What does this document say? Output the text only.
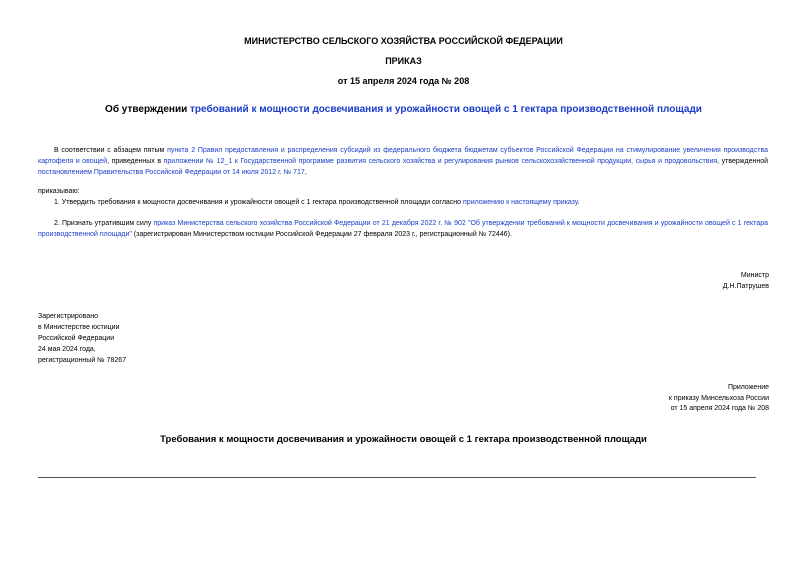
МИНИСТЕРСТВО СЕЛЬСКОГО ХОЗЯЙСТВА РОССИЙСКОЙ ФЕДЕРАЦИИ
ПРИКАЗ
от 15 апреля 2024 года № 208
Об утверждении требований к мощности досвечивания и урожайности овощей с 1 гектара производственной площади
В соответствии с абзацем пятым пункта 2 Правил предоставления и распределения субсидий из федерального бюджета бюджетам субъектов Российской Федерации на стимулирование увеличения производства картофеля и овощей, приведенных в приложении № 12_1 к Государственной программе развития сельского хозяйства и регулирования рынков сельскохозяйственной продукции, сырья и продовольствия, утвержденной постановлением Правительства Российской Федерации от 14 июля 2012 г. № 717,
приказываю:
1. Утвердить требования к мощности досвечивания и урожайности овощей с 1 гектара производственной площади согласно приложению к настоящему приказу.
2. Признать утратившим силу приказ Министерства сельского хозяйства Российской Федерации от 21 декабря 2022 г. № 902 "Об утверждении требований к мощности досвечивания и урожайности овощей с 1 гектара производственной площади" (зарегистрирован Министерством юстиции Российской Федерации 27 февраля 2023 г., регистрационный № 72446).
Министр
Д.Н.Патрушев
Зарегистрировано
в Министерстве юстиции
Российской Федерации
24 мая 2024 года,
регистрационный № 78267
Приложение
к приказу Минсельхоза России
от 15 апреля 2024 года № 208
Требования к мощности досвечивания и урожайности овощей с 1 гектара производственной площади
